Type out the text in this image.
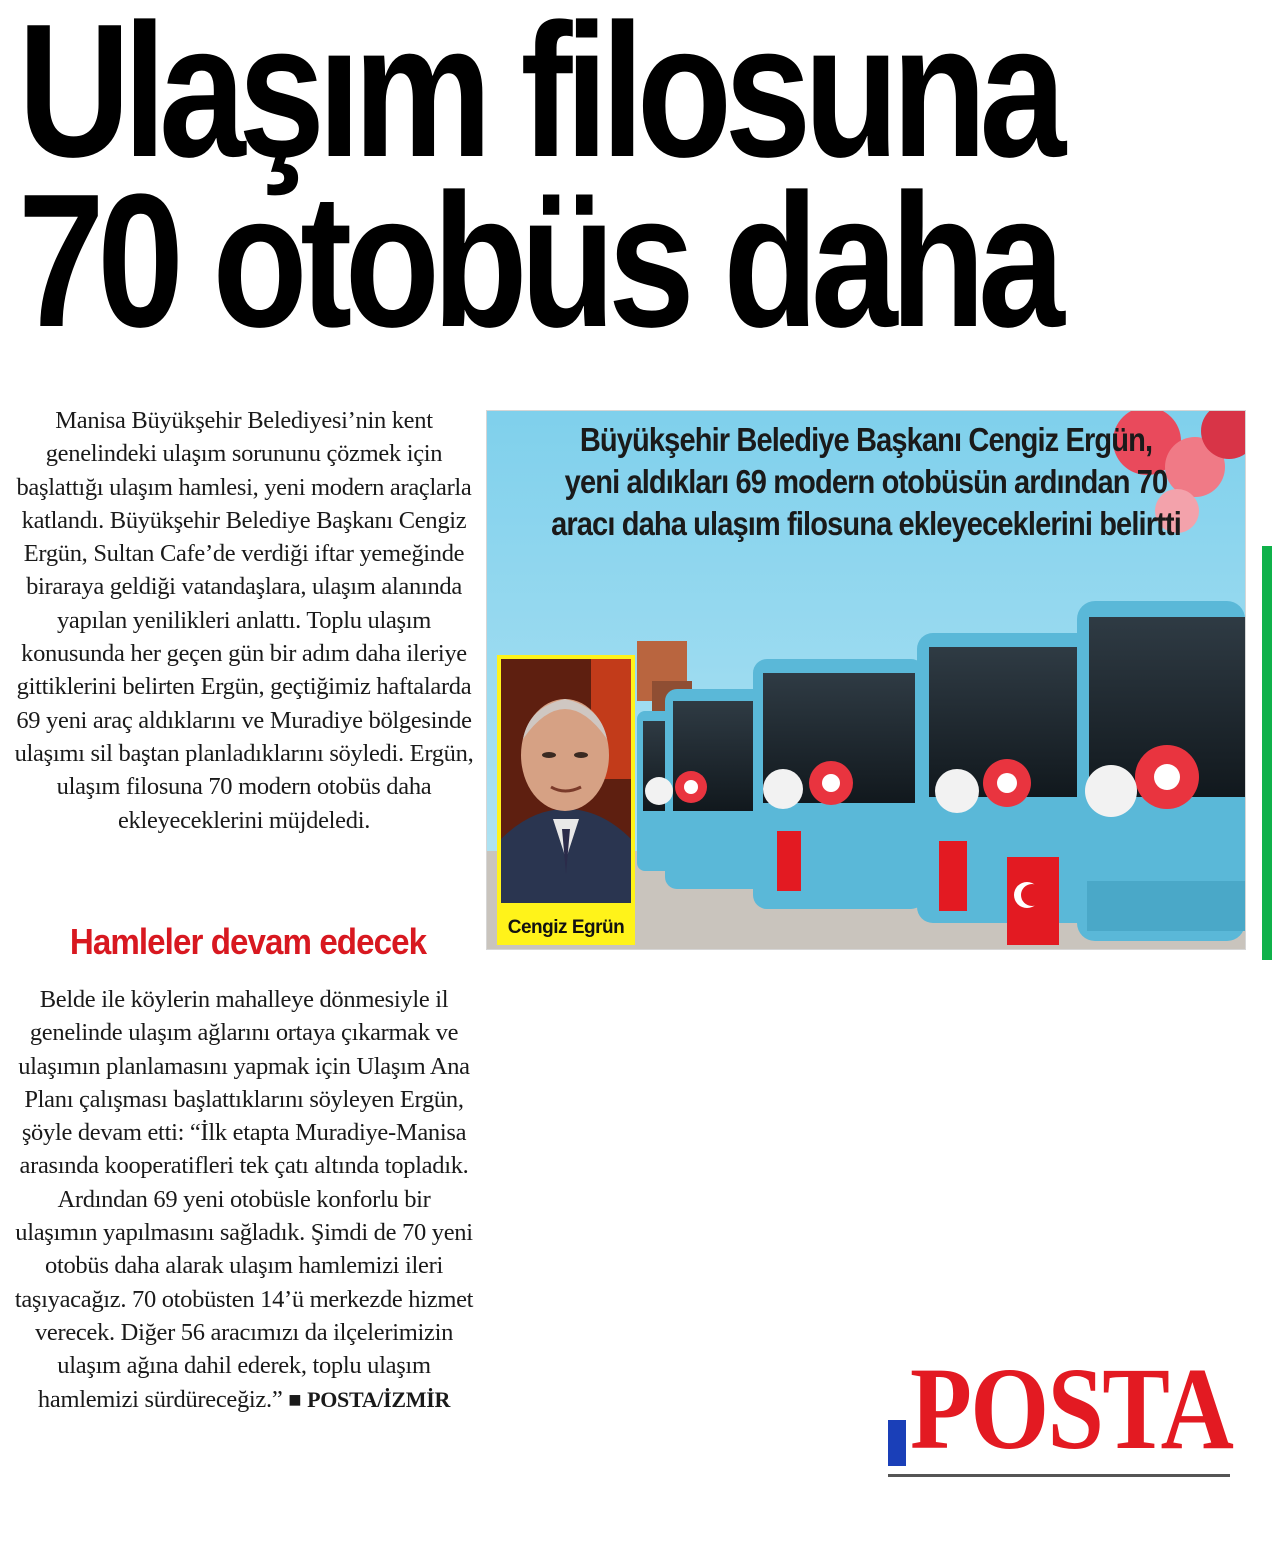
Ulaşım filosuna
70 otobüs daha

Manisa Büyükşehir Belediyesi’nin kent genelindeki ulaşım sorununu çözmek için başlattığı ulaşım hamlesi, yeni modern araçlarla katlandı. Büyükşehir Belediye Başkanı Cengiz Ergün, Sultan Cafe’de verdiği iftar yemeğinde biraraya geldiği vatandaşlara, ulaşım alanında yapılan yenilikleri anlattı. Toplu ulaşım konusunda her geçen gün bir adım daha ileriye gittiklerini belirten Ergün, geçtiğimiz haftalarda 69 yeni araç aldıklarını ve Muradiye bölgesinde ulaşımı sil baştan planladıklarını söyledi. Ergün, ulaşım filosuna 70 modern otobüs daha ekleyeceklerini müjdeledi.

Hamleler devam edecek

Belde ile köylerin mahalleye dönmesiyle il genelinde ulaşım ağlarını ortaya çıkarmak ve ulaşımın planlamasını yapmak için Ulaşım Ana Planı çalışması başlattıklarını söyleyen Ergün, şöyle devam etti: “İlk etapta Muradiye-Manisa arasında kooperatifleri tek çatı altında topladık. Ardından 69 yeni otobüsle konforlu bir ulaşımın yapılmasını sağladık. Şimdi de 70 yeni otobüs daha alarak ulaşım hamlemizi ileri taşıyacağız. 70 otobüsten 14’ü merkezde hizmet verecek. Diğer 56 aracımızı da ilçelerimizin ulaşım ağına dahil ederek, toplu ulaşım hamlemizi sürdüreceğiz.” ■ POSTA/İZMİR

Büyükşehir Belediye Başkanı Cengiz Ergün, yeni aldıkları 69 modern otobüsün ardından 70 aracı daha ulaşım filosuna ekleyeceklerini belirtti

Cengiz Egrün

POSTA
